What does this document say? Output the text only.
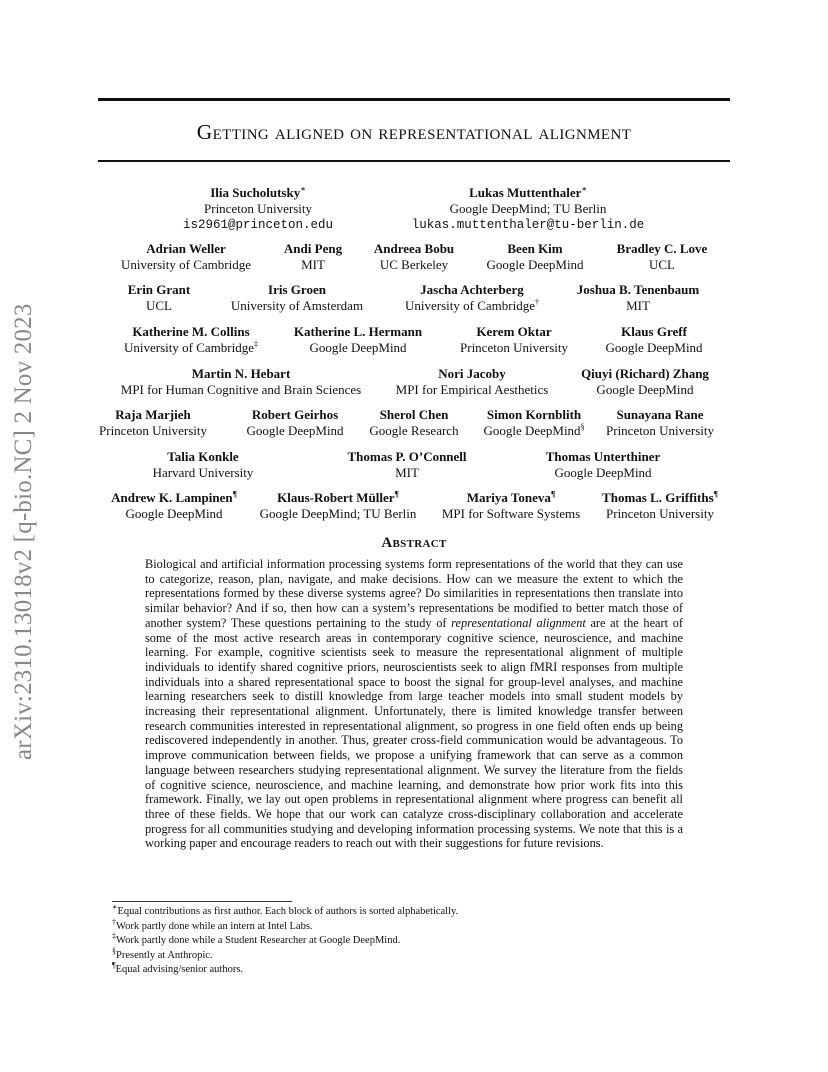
arXiv:2310.13018v2 [q-bio.NC] 2 Nov 2023
Getting aligned on representational alignment
Ilia Sucholutsky∗
Princeton University
is2961@princeton.edu
Lukas Muttenthaler∗
Google DeepMind; TU Berlin
lukas.muttenthaler@tu-berlin.de
Adrian Weller
University of Cambridge
Andi Peng
MIT
Andreea Bobu
UC Berkeley
Been Kim
Google DeepMind
Bradley C. Love
UCL
Erin Grant
UCL
Iris Groen
University of Amsterdam
Jascha Achterberg
University of Cambridge†
Joshua B. Tenenbaum
MIT
Katherine M. Collins
University of Cambridge‡
Katherine L. Hermann
Google DeepMind
Kerem Oktar
Princeton University
Klaus Greff
Google DeepMind
Martin N. Hebart
MPI for Human Cognitive and Brain Sciences
Nori Jacoby
MPI for Empirical Aesthetics
Qiuyi (Richard) Zhang
Google DeepMind
Raja Marjieh
Princeton University
Robert Geirhos
Google DeepMind
Sherol Chen
Google Research
Simon Kornblith
Google DeepMind§
Sunayana Rane
Princeton University
Talia Konkle
Harvard University
Thomas P. O’Connell
MIT
Thomas Unterthiner
Google DeepMind
Andrew K. Lampinen¶
Google DeepMind
Klaus-Robert Müller¶
Google DeepMind; TU Berlin
Mariya Toneva¶
MPI for Software Systems
Thomas L. Griffiths¶
Princeton University
Abstract
Biological and artificial information processing systems form representations of the world that they can use to categorize, reason, plan, navigate, and make decisions. How can we measure the extent to which the representations formed by these diverse systems agree? Do similarities in representations then translate into similar behavior? And if so, then how can a system’s representations be modified to better match those of another system? These questions pertaining to the study of representational alignment are at the heart of some of the most active research areas in contemporary cognitive science, neuroscience, and machine learning. For example, cognitive scientists seek to measure the representational alignment of multiple individuals to identify shared cognitive priors, neuroscientists seek to align fMRI responses from multiple individuals into a shared representational space to boost the signal for group-level analyses, and machine learning researchers seek to distill knowledge from large teacher models into small student models by increasing their representational alignment. Unfortunately, there is limited knowledge transfer between research communities interested in representational alignment, so progress in one field often ends up being rediscovered independently in another. Thus, greater cross-field communication would be advantageous. To improve communication between fields, we propose a unifying framework that can serve as a common language between researchers studying representational alignment. We survey the literature from the fields of cognitive science, neuroscience, and machine learning, and demonstrate how prior work fits into this framework. Finally, we lay out open problems in representational alignment where progress can benefit all three of these fields. We hope that our work can catalyze cross-disciplinary collaboration and accelerate progress for all communities studying and developing information processing systems. We note that this is a working paper and encourage readers to reach out with their suggestions for future revisions.
∗Equal contributions as first author. Each block of authors is sorted alphabetically.
†Work partly done while an intern at Intel Labs.
‡Work partly done while a Student Researcher at Google DeepMind.
§Presently at Anthropic.
¶Equal advising/senior authors.
